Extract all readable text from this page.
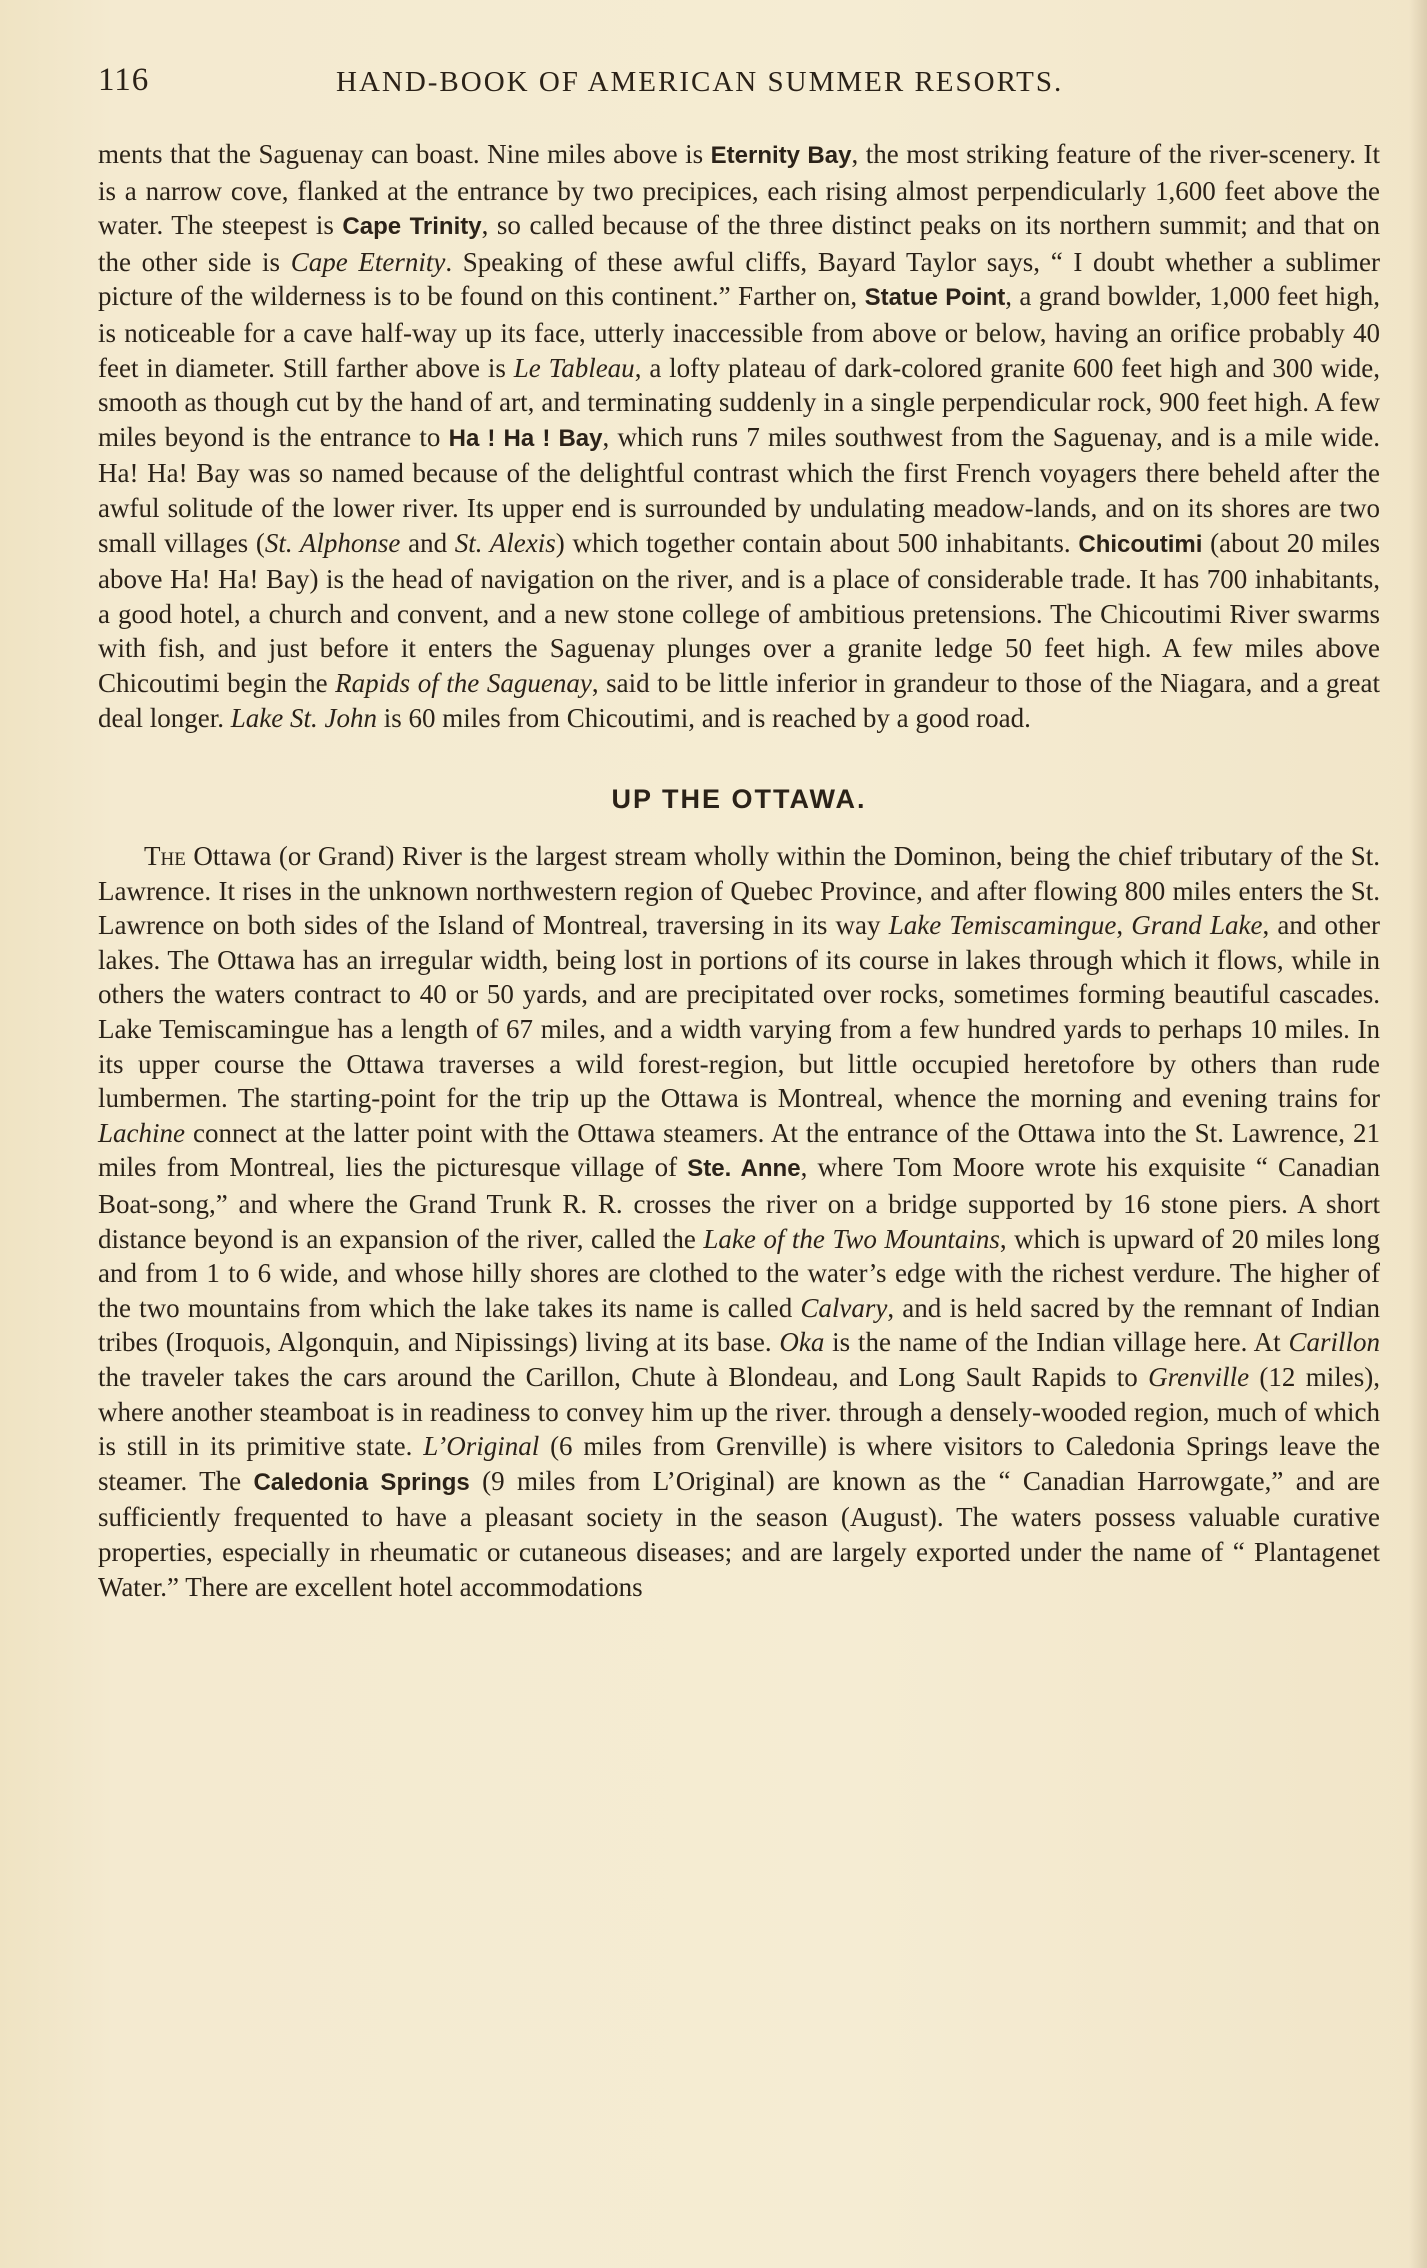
116	HAND-BOOK OF AMERICAN SUMMER RESORTS.

ments that the Saguenay can boast. Nine miles above is Eternity Bay, the most striking feature of the river-scenery. It is a narrow cove, flanked at the entrance by two precipices, each rising almost perpendicularly 1,600 feet above the water. The steepest is Cape Trinity, so called because of the three distinct peaks on its northern summit; and that on the other side is Cape Eternity. Speaking of these awful cliffs, Bayard Taylor says, “ I doubt whether a sublimer picture of the wilderness is to be found on this continent.” Farther on, Statue Point, a grand bowlder, 1,000 feet high, is noticeable for a cave half-way up its face, utterly inaccessible from above or below, having an orifice probably 40 feet in diameter. Still farther above is Le Tableau, a lofty plateau of dark-colored granite 600 feet high and 300 wide, smooth as though cut by the hand of art, and terminating suddenly in a single perpendicular rock, 900 feet high. A few miles beyond is the entrance to Ha ! Ha ! Bay, which runs 7 miles southwest from the Saguenay, and is a mile wide. Ha! Ha! Bay was so named because of the delightful contrast which the first French voyagers there beheld after the awful solitude of the lower river. Its upper end is surrounded by undulating meadow-lands, and on its shores are two small villages (St. Alphonse and St. Alexis) which together contain about 500 inhabitants. Chicoutimi (about 20 miles above Ha! Ha! Bay) is the head of navigation on the river, and is a place of considerable trade. It has 700 inhabitants, a good hotel, a church and convent, and a new stone college of ambitious pretensions. The Chicoutimi River swarms with fish, and just before it enters the Saguenay plunges over a granite ledge 50 feet high. A few miles above Chicoutimi begin the Rapids of the Saguenay, said to be little inferior in grandeur to those of the Niagara, and a great deal longer. Lake St. John is 60 miles from Chicoutimi, and is reached by a good road.

UP THE OTTAWA.

The Ottawa (or Grand) River is the largest stream wholly within the Dominon, being the chief tributary of the St. Lawrence. It rises in the unknown northwestern region of Quebec Province, and after flowing 800 miles enters the St. Lawrence on both sides of the Island of Montreal, traversing in its way Lake Temiscamingue, Grand Lake, and other lakes. The Ottawa has an irregular width, being lost in portions of its course in lakes through which it flows, while in others the waters contract to 40 or 50 yards, and are precipitated over rocks, sometimes forming beautiful cascades. Lake Temiscamingue has a length of 67 miles, and a width varying from a few hundred yards to perhaps 10 miles. In its upper course the Ottawa traverses a wild forest-region, but little occupied heretofore by others than rude lumbermen. The starting-point for the trip up the Ottawa is Montreal, whence the morning and evening trains for Lachine connect at the latter point with the Ottawa steamers. At the entrance of the Ottawa into the St. Lawrence, 21 miles from Montreal, lies the picturesque village of Ste. Anne, where Tom Moore wrote his exquisite “ Canadian Boat-song,” and where the Grand Trunk R. R. crosses the river on a bridge supported by 16 stone piers. A short distance beyond is an expansion of the river, called the Lake of the Two Mountains, which is upward of 20 miles long and from 1 to 6 wide, and whose hilly shores are clothed to the water’s edge with the richest verdure. The higher of the two mountains from which the lake takes its name is called Calvary, and is held sacred by the remnant of Indian tribes (Iroquois, Algonquin, and Nipissings) living at its base. Oka is the name of the Indian village here. At Carillon the traveler takes the cars around the Carillon, Chute à Blondeau, and Long Sault Rapids to Grenville (12 miles), where another steamboat is in readiness to convey him up the river. through a densely-wooded region, much of which is still in its primitive state. L’Original (6 miles from Grenville) is where visitors to Caledonia Springs leave the steamer. The Caledonia Springs (9 miles from L’Original) are known as the “ Canadian Harrowgate,” and are sufficiently frequented to have a pleasant society in the season (August). The waters possess valuable curative properties, especially in rheumatic or cutaneous diseases; and are largely exported under the name of “ Plantagenet Water.” There are excellent hotel accommodations
